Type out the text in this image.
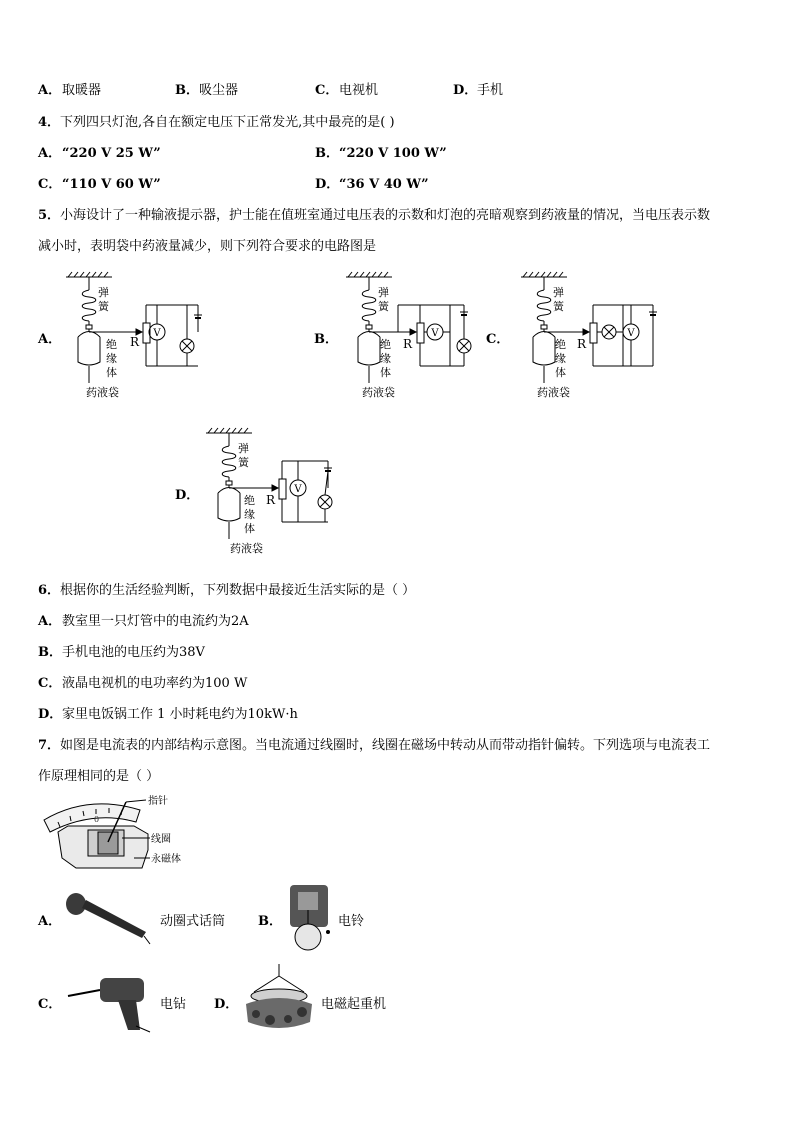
A． 取暖器	B． 吸尘器	C． 电视机	D． 手机
4． 下列四只灯泡,各自在额定电压下正常发光,其中最亮的是( )
A． “220 V 25 W”	B． “220 V 100 W”
C． “110 V 60 W”	D． “36 V 40 W”
5． 小海设计了一种输液提示器，护士能在值班室通过电压表的示数和灯泡的亮暗观察到药液量的情况，当电压表示数
减小时，表明袋中药液量减少，则下列符合要求的电路图是
A．	B．	C．
D．
V
R
弹
簧
绝
缘
体
药液袋
V
R
弹
簧
绝
缘
体
药液袋
V
R
弹
簧
绝
缘
体
药液袋
V
R
弹
簧
绝
缘
体
药液袋
6． 根据你的生活经验判断，下列数据中最接近生活实际的是（ ）
A． 教室里一只灯管中的电流约为2A
B． 手机电池的电压约为38V
C． 液晶电视机的电功率约为100 W
D． 家里电饭锅工作 1 小时耗电约为10kW·h
7． 如图是电流表的内部结构示意图。当电流通过线圈时，线圈在磁场中转动从而带动指针偏转。下列选项与电流表工
作原理相同的是（ ）
0
指针
线圈
永磁体
A．	动圈式话筒	B．	电铃
C．	电钻 D．	电磁起重机
